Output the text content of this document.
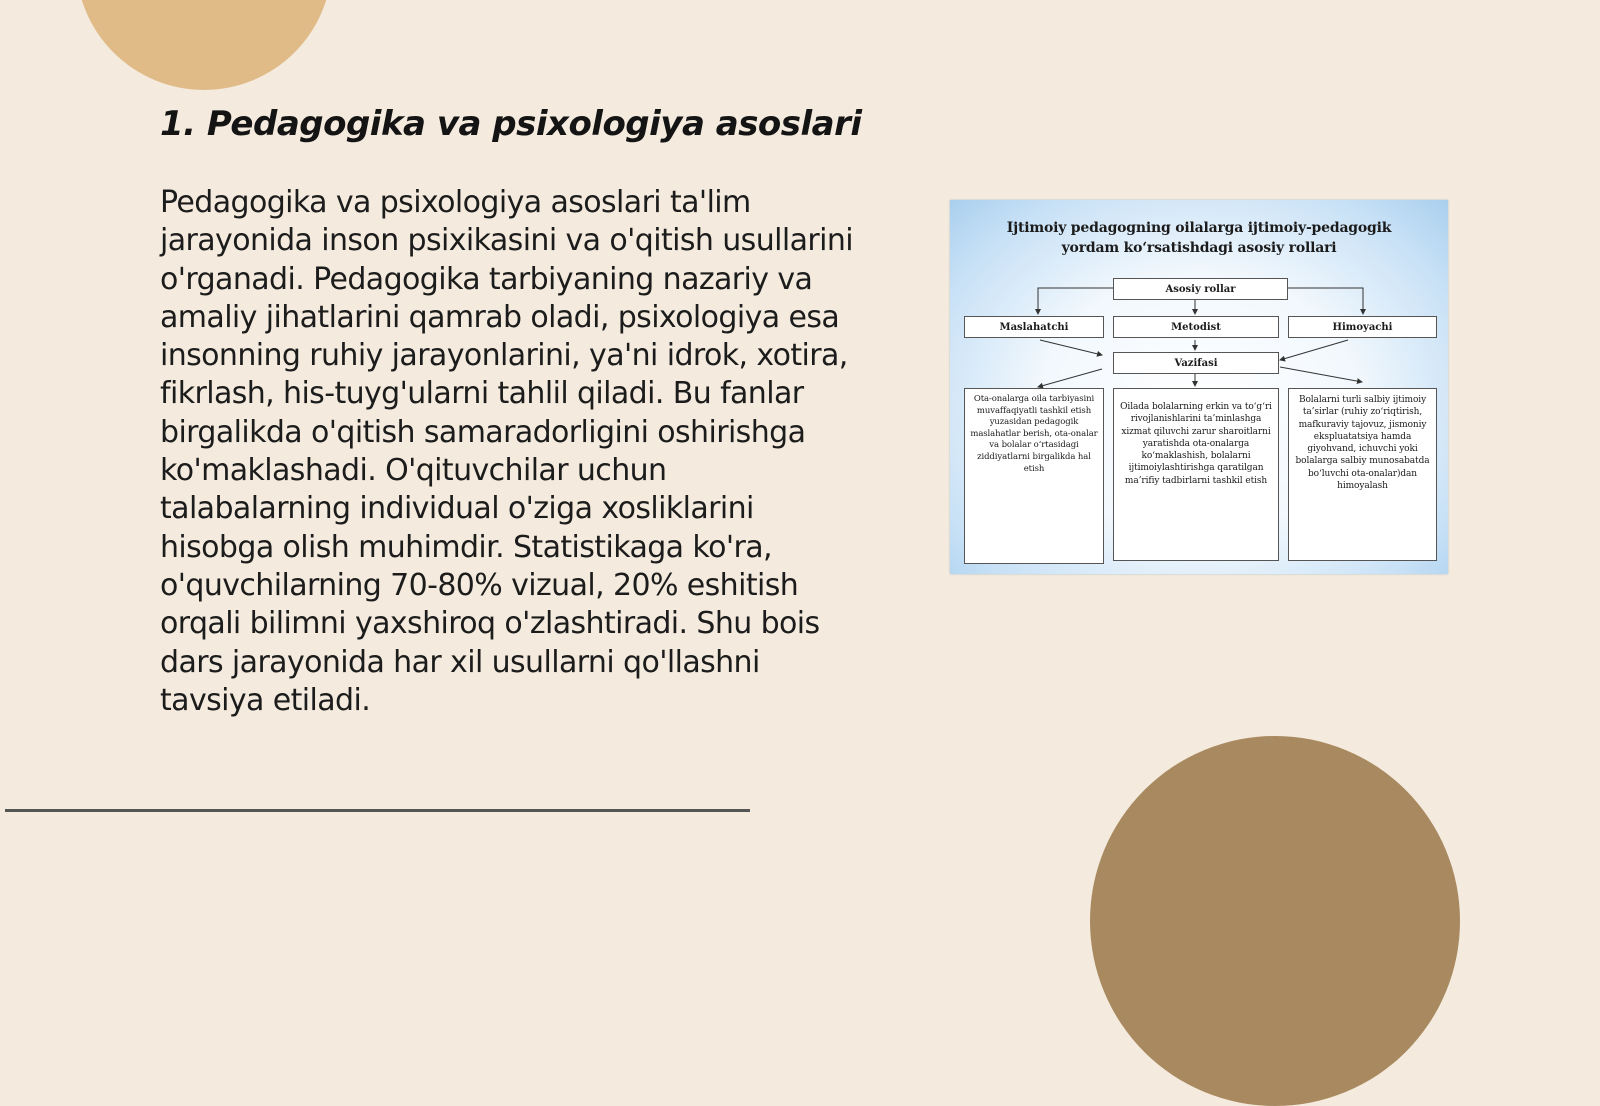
1. Pedagogika va psixologiya asoslari

Pedagogika va psixologiya asoslari ta'lim jarayonida inson psixikasini va o'qitish usullarini o'rganadi. Pedagogika tarbiyaning nazariy va amaliy jihatlarini qamrab oladi, psixologiya esa insonning ruhiy jarayonlarini, ya'ni idrok, xotira, fikrlash, his-tuyg'ularni tahlil qiladi. Bu fanlar birgalikda o'qitish samaradorligini oshirishga ko'maklashadi. O'qituvchilar uchun talabalarning individual o'ziga xosliklarini hisobga olish muhimdir. Statistikaga ko'ra, o'quvchilarning 70-80% vizual, 20% eshitish orqali bilimni yaxshiroq o'zlashtiradi. Shu bois dars jarayonida har xil usullarni qo'llashni tavsiya etiladi.

Ijtimoiy pedagogning oilalarga ijtimoiy-pedagogik
yordam ko‘rsatishdagi asosiy rollari
Asosiy rollar
Maslahatchi	Metodist	Himoyachi
Vazifasi
Ota-onalarga oila tarbiyasini muvaffaqiyatli tashkil etish yuzasidan pedagogik maslahatlar berish, ota-onalar va bolalar o‘rtasidagi ziddiyatlarni birgalikda hal etish
Oilada bolalarning erkin va to‘g‘ri rivojlanishlarini ta’minlashga xizmat qiluvchi zarur sharoitlarni yaratishda ota-onalarga ko‘maklashish, bolalarni ijtimoiylashtirishga qaratilgan ma’rifiy tadbirlarni tashkil etish
Bolalarni turli salbiy ijtimoiy ta’sirlar (ruhiy zo‘riqtirish, mafkuraviy tajovuz, jismoniy ekspluatatsiya hamda giyohvand, ichuvchi yoki bolalarga salbiy munosabatda bo‘luvchi ota-onalar)dan himoyalash
